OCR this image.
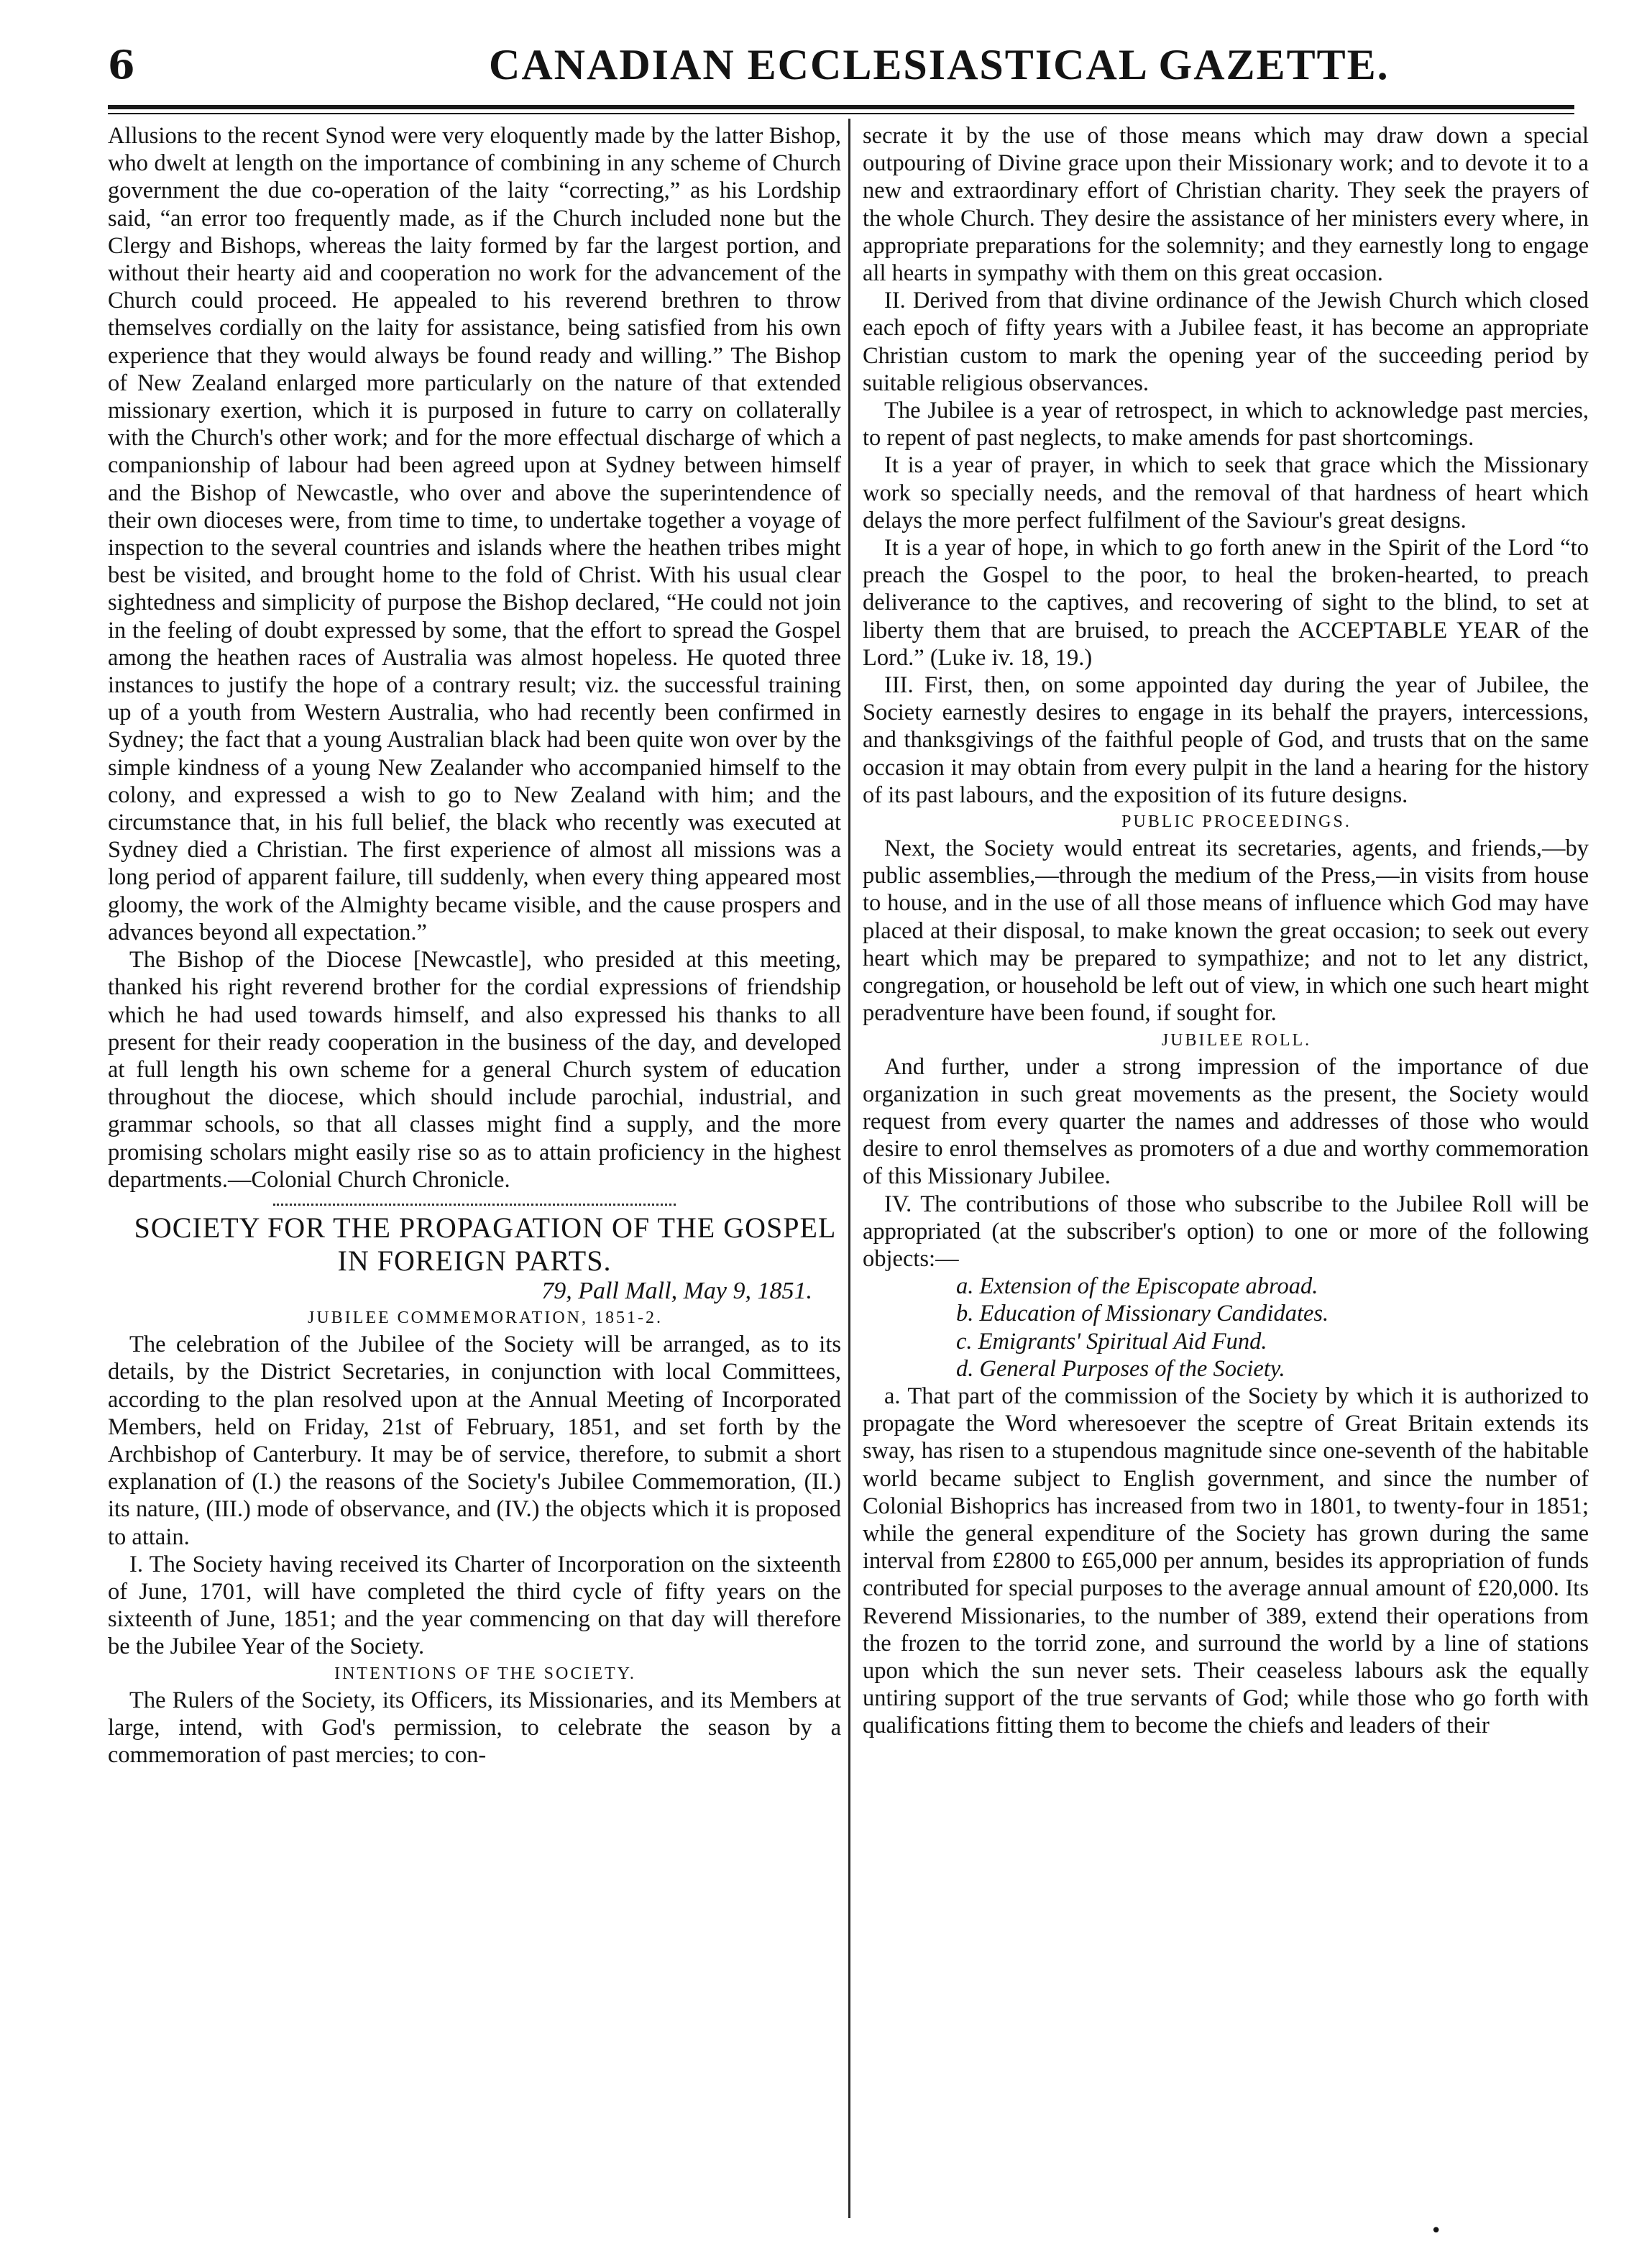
6	CANADIAN ECCLESIASTICAL GAZETTE.

Allusions to the recent Synod were very eloquently made by the latter Bishop, who dwelt at length on the importance of combining in any scheme of Church government the due co-operation of the laity “correcting,” as his Lordship said, “an error too frequently made, as if the Church included none but the Clergy and Bishops, whereas the laity formed by far the largest portion, and without their hearty aid and cooperation no work for the advancement of the Church could proceed. He appealed to his reverend brethren to throw themselves cordially on the laity for assistance, being satisfied from his own experience that they would always be found ready and willing.” The Bishop of New Zealand enlarged more particularly on the nature of that extended missionary exertion, which it is purposed in future to carry on collaterally with the Church's other work; and for the more effectual discharge of which a companionship of labour had been agreed upon at Sydney between himself and the Bishop of Newcastle, who over and above the superintendence of their own dioceses were, from time to time, to undertake together a voyage of inspection to the several countries and islands where the heathen tribes might best be visited, and brought home to the fold of Christ. With his usual clear sightedness and simplicity of purpose the Bishop declared, “He could not join in the feeling of doubt expressed by some, that the effort to spread the Gospel among the heathen races of Australia was almost hopeless. He quoted three instances to justify the hope of a contrary result; viz. the successful training up of a youth from Western Australia, who had recently been confirmed in Sydney; the fact that a young Australian black had been quite won over by the simple kindness of a young New Zealander who accompanied himself to the colony, and expressed a wish to go to New Zealand with him; and the circumstance that, in his full belief, the black who recently was executed at Sydney died a Christian. The first experience of almost all missions was a long period of apparent failure, till suddenly, when every thing appeared most gloomy, the work of the Almighty became visible, and the cause prospers and advances beyond all expectation.”

The Bishop of the Diocese [Newcastle], who presided at this meeting, thanked his right reverend brother for the cordial expressions of friendship which he had used towards himself, and also expressed his thanks to all present for their ready cooperation in the business of the day, and developed at full length his own scheme for a general Church system of education throughout the diocese, which should include parochial, industrial, and grammar schools, so that all classes might find a supply, and the more promising scholars might easily rise so as to attain proficiency in the highest departments.—Colonial Church Chronicle.

SOCIETY FOR THE PROPAGATION OF THE GOSPEL IN FOREIGN PARTS.

79, Pall Mall, May 9, 1851.

JUBILEE COMMEMORATION, 1851-2.

The celebration of the Jubilee of the Society will be arranged, as to its details, by the District Secretaries, in conjunction with local Committees, according to the plan resolved upon at the Annual Meeting of Incorporated Members, held on Friday, 21st of February, 1851, and set forth by the Archbishop of Canterbury. It may be of service, therefore, to submit a short explanation of (I.) the reasons of the Society's Jubilee Commemoration, (II.) its nature, (III.) mode of observance, and (IV.) the objects which it is proposed to attain.

I. The Society having received its Charter of Incorporation on the sixteenth of June, 1701, will have completed the third cycle of fifty years on the sixteenth of June, 1851; and the year commencing on that day will therefore be the Jubilee Year of the Society.

INTENTIONS OF THE SOCIETY.

The Rulers of the Society, its Officers, its Missionaries, and its Members at large, intend, with God's permission, to celebrate the season by a commemoration of past mercies; to con-

secrate it by the use of those means which may draw down a special outpouring of Divine grace upon their Missionary work; and to devote it to a new and extraordinary effort of Christian charity. They seek the prayers of the whole Church. They desire the assistance of her ministers every where, in appropriate preparations for the solemnity; and they earnestly long to engage all hearts in sympathy with them on this great occasion.

II. Derived from that divine ordinance of the Jewish Church which closed each epoch of fifty years with a Jubilee feast, it has become an appropriate Christian custom to mark the opening year of the succeeding period by suitable religious observances.

The Jubilee is a year of retrospect, in which to acknowledge past mercies, to repent of past neglects, to make amends for past shortcomings.

It is a year of prayer, in which to seek that grace which the Missionary work so specially needs, and the removal of that hardness of heart which delays the more perfect fulfilment of the Saviour's great designs.

It is a year of hope, in which to go forth anew in the Spirit of the Lord “to preach the Gospel to the poor, to heal the broken-hearted, to preach deliverance to the captives, and recovering of sight to the blind, to set at liberty them that are bruised, to preach the ACCEPTABLE YEAR of the Lord.” (Luke iv. 18, 19.)

III. First, then, on some appointed day during the year of Jubilee, the Society earnestly desires to engage in its behalf the prayers, intercessions, and thanksgivings of the faithful people of God, and trusts that on the same occasion it may obtain from every pulpit in the land a hearing for the history of its past labours, and the exposition of its future designs.

PUBLIC PROCEEDINGS.

Next, the Society would entreat its secretaries, agents, and friends,—by public assemblies,—through the medium of the Press,—in visits from house to house, and in the use of all those means of influence which God may have placed at their disposal, to make known the great occasion; to seek out every heart which may be prepared to sympathize; and not to let any district, congregation, or household be left out of view, in which one such heart might peradventure have been found, if sought for.

JUBILEE ROLL.

And further, under a strong impression of the importance of due organization in such great movements as the present, the Society would request from every quarter the names and addresses of those who would desire to enrol themselves as promoters of a due and worthy commemoration of this Missionary Jubilee.

IV. The contributions of those who subscribe to the Jubilee Roll will be appropriated (at the subscriber's option) to one or more of the following objects:—

a. Extension of the Episcopate abroad.
b. Education of Missionary Candidates.
c. Emigrants' Spiritual Aid Fund.
d. General Purposes of the Society.

a. That part of the commission of the Society by which it is authorized to propagate the Word wheresoever the sceptre of Great Britain extends its sway, has risen to a stupendous magnitude since one-seventh of the habitable world became subject to English government, and since the number of Colonial Bishoprics has increased from two in 1801, to twenty-four in 1851; while the general expenditure of the Society has grown during the same interval from £2800 to £65,000 per annum, besides its appropriation of funds contributed for special purposes to the average annual amount of £20,000. Its Reverend Missionaries, to the number of 389, extend their operations from the frozen to the torrid zone, and surround the world by a line of stations upon which the sun never sets. Their ceaseless labours ask the equally untiring support of the true servants of God; while those who go forth with qualifications fitting them to become the chiefs and leaders of their

•
